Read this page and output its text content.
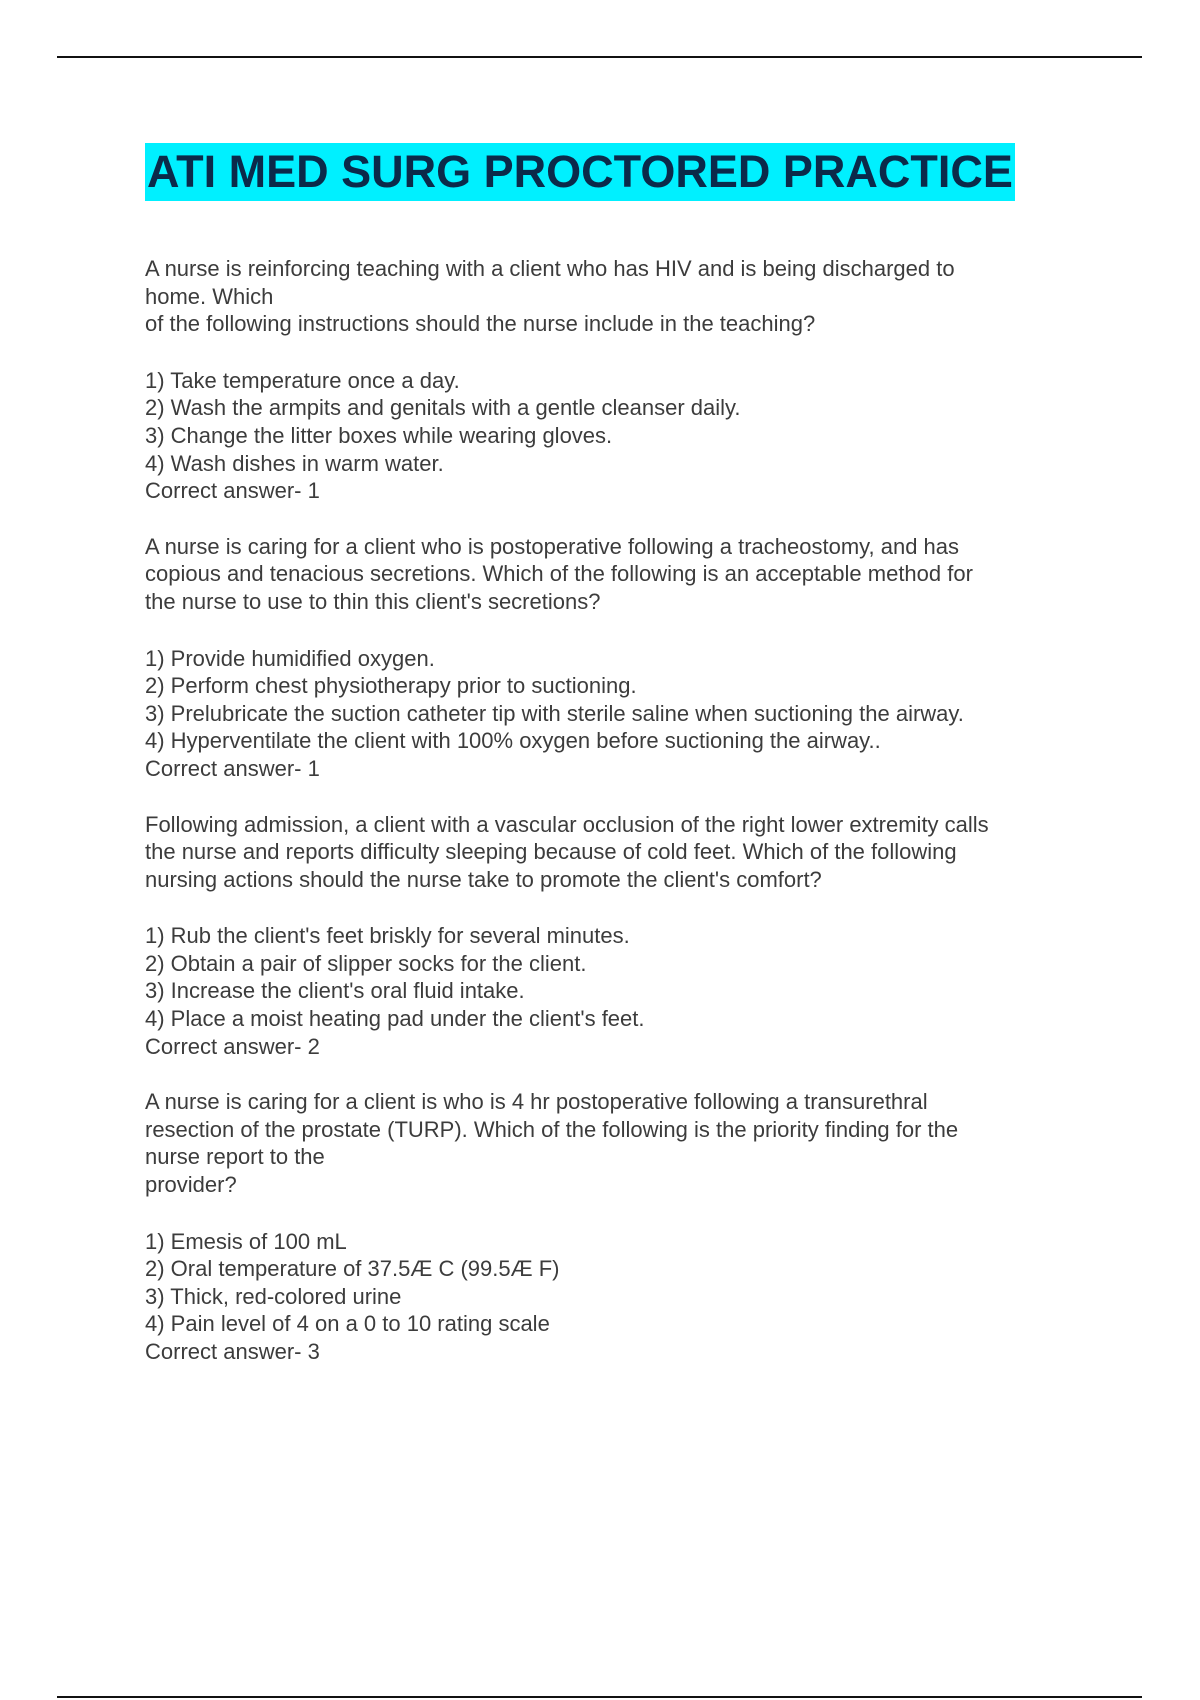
ATI MED SURG PROCTORED PRACTICE
A nurse is reinforcing teaching with a client who has HIV and is being discharged to
home. Which
of the following instructions should the nurse include in the teaching?
1) Take temperature once a day.
2) Wash the armpits and genitals with a gentle cleanser daily.
3) Change the litter boxes while wearing gloves.
4) Wash dishes in warm water.
Correct answer- 1
A nurse is caring for a client who is postoperative following a tracheostomy, and has
copious and tenacious secretions. Which of the following is an acceptable method for
the nurse to use to thin this client's secretions?
1) Provide humidified oxygen.
2) Perform chest physiotherapy prior to suctioning.
3) Prelubricate the suction catheter tip with sterile saline when suctioning the airway.
4) Hyperventilate the client with 100% oxygen before suctioning the airway..
Correct answer- 1
Following admission, a client with a vascular occlusion of the right lower extremity calls
the nurse and reports difficulty sleeping because of cold feet. Which of the following
nursing actions should the nurse take to promote the client's comfort?
1) Rub the client's feet briskly for several minutes.
2) Obtain a pair of slipper socks for the client.
3) Increase the client's oral fluid intake.
4) Place a moist heating pad under the client's feet.
Correct answer- 2
A nurse is caring for a client is who is 4 hr postoperative following a transurethral
resection of the prostate (TURP). Which of the following is the priority finding for the
nurse report to the
provider?
1) Emesis of 100 mL
2) Oral temperature of 37.5Æ C (99.5Æ F)
3) Thick, red-colored urine
4) Pain level of 4 on a 0 to 10 rating scale
Correct answer- 3
